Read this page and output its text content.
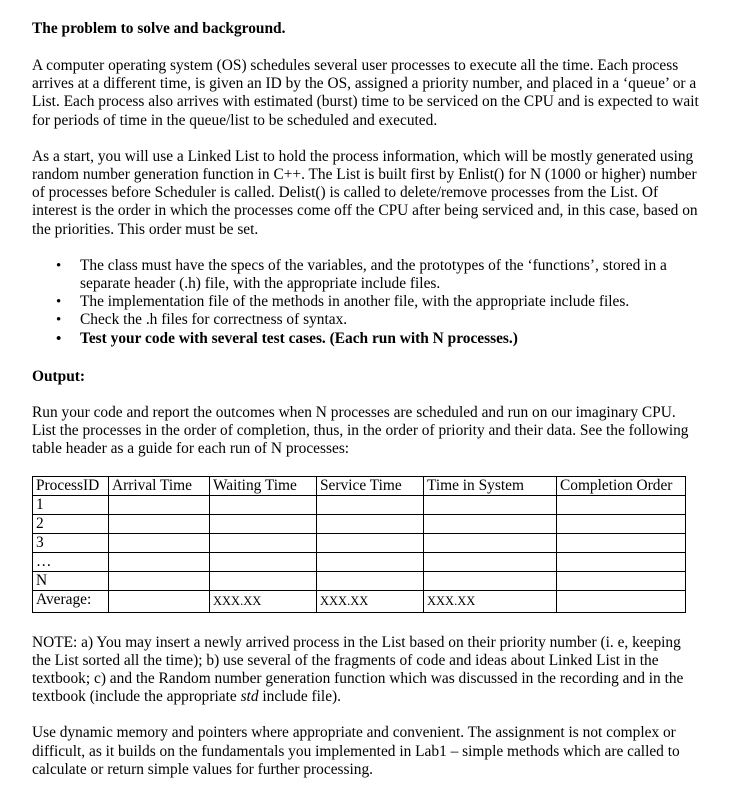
The problem to solve and background.

A computer operating system (OS) schedules several user processes to execute all the time. Each process arrives at a different time, is given an ID by the OS, assigned a priority number, and placed in a ‘queue’ or a List. Each process also arrives with estimated (burst) time to be serviced on the CPU and is expected to wait for periods of time in the queue/list to be scheduled and executed.

As a start, you will use a Linked List to hold the process information, which will be mostly generated using random number generation function in C++. The List is built first by Enlist() for N (1000 or higher) number of processes before Scheduler is called. Delist() is called to delete/remove processes from the List. Of interest is the order in which the processes come off the CPU after being serviced and, in this case, based on the priorities. This order must be set.

• The class must have the specs of the variables, and the prototypes of the ‘functions’, stored in a separate header (.h) file, with the appropriate include files.
• The implementation file of the methods in another file, with the appropriate include files.
• Check the .h files for correctness of syntax.
• Test your code with several test cases. (Each run with N processes.)

Output:

Run your code and report the outcomes when N processes are scheduled and run on our imaginary CPU. List the processes in the order of completion, thus, in the order of priority and their data. See the following table header as a guide for each run of N processes:

ProcessID	Arrival Time	Waiting Time	Service Time	Time in System	Completion Order
1					
2					
3					
…					
N					
Average:		XXX.XX	XXX.XX	XXX.XX	

NOTE: a) You may insert a newly arrived process in the List based on their priority number (i. e, keeping the List sorted all the time); b) use several of the fragments of code and ideas about Linked List in the textbook; c) and the Random number generation function which was discussed in the recording and in the textbook (include the appropriate std include file).

Use dynamic memory and pointers where appropriate and convenient. The assignment is not complex or difficult, as it builds on the fundamentals you implemented in Lab1 – simple methods which are called to calculate or return simple values for further processing.
